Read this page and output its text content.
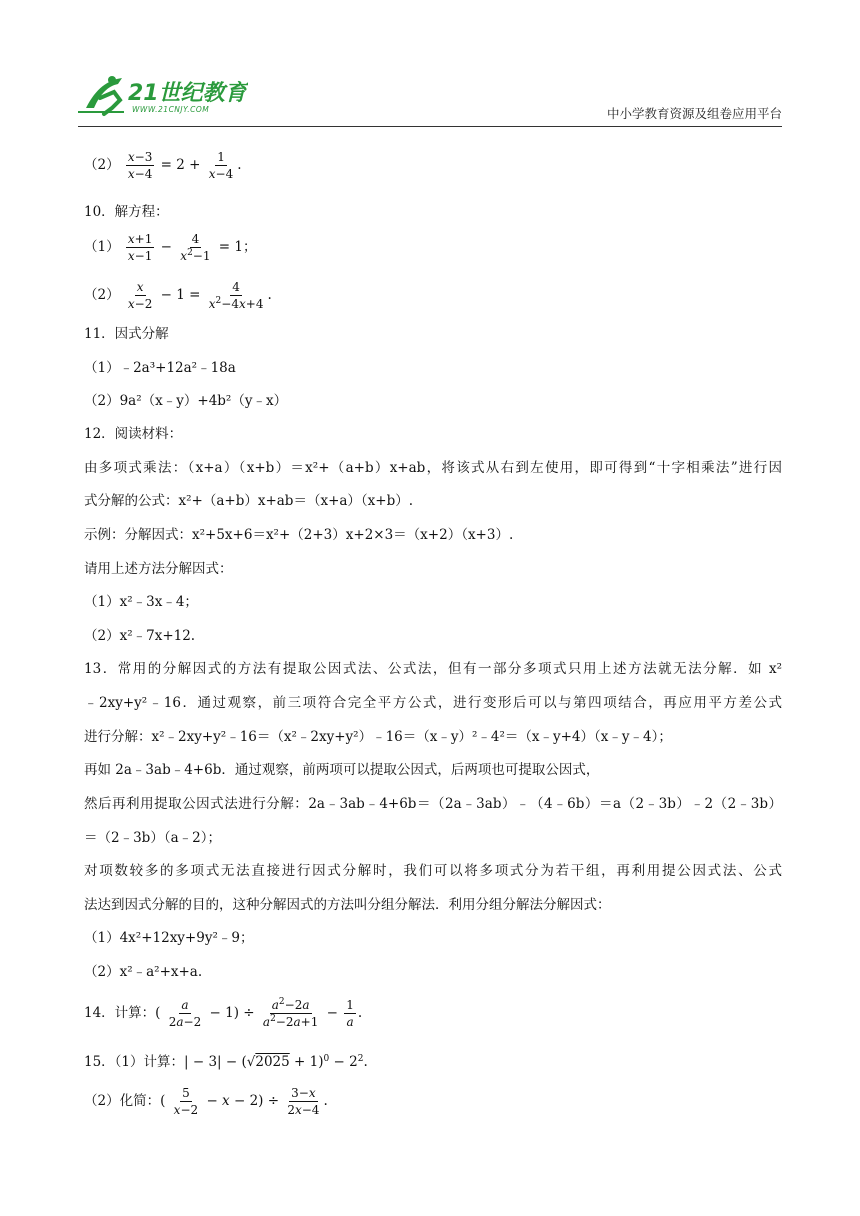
21世纪教育
WWW.21CNJY.COM	中小学教育资源及组卷应用平台
$(2) \frac{x-3}{x-4} = 2 + \frac{1}{x-4}$ .
10．解方程：
$(1) \frac{x+1}{x-1} - \frac{4}{x^2-1} = 1$；
$(2) \frac{x}{x-2} - 1 = \frac{4}{x^2-4x+4}$ .
11．因式分解
（1）﹣2a³+12a²﹣18a
（2）9a²（x﹣y）+4b²（y﹣x）
12．阅读材料：
由多项式乘法：（x+a）（x+b）＝x²+（a+b）x+ab，将该式从右到左使用，即可得到“十字相乘法”进行因
式分解的公式：x²+（a+b）x+ab＝（x+a）（x+b）.
示例：分解因式：x²+5x+6＝x²+（2+3）x+2×3＝（x+2）（x+3）.
请用上述方法分解因式：
（1）x²﹣3x﹣4；
（2）x²﹣7x+12.
13．常用的分解因式的方法有提取公因式法、公式法，但有一部分多项式只用上述方法就无法分解．如 x²
﹣2xy+y²﹣16．通过观察，前三项符合完全平方公式，进行变形后可以与第四项结合，再应用平方差公式
进行分解：x²﹣2xy+y²﹣16＝（x²﹣2xy+y²）﹣16＝（x﹣y）²﹣4²＝（x﹣y+4）（x﹣y﹣4）；
再如 2a﹣3ab﹣4+6b．通过观察，前两项可以提取公因式，后两项也可提取公因式，
然后再利用提取公因式法进行分解：2a﹣3ab﹣4+6b＝（2a﹣3ab）﹣（4﹣6b）＝a（2﹣3b）﹣2（2﹣3b）
＝（2﹣3b）（a﹣2）；
对项数较多的多项式无法直接进行因式分解时，我们可以将多项式分为若干组，再利用提公因式法、公式
法达到因式分解的目的，这种分解因式的方法叫分组分解法．利用分组分解法分解因式：
（1）4x²+12xy+9y²﹣9；
（2）x²﹣a²+x+a.
14．计算：( $\frac{a}{2a-2} - 1) \div \frac{a^2-2a}{a^2-2a+1} - \frac{1}{a}$ .
15．（1）计算：| − $3| - (√2025 + 1)^0 - 2^2$.
（2）化简：( $\frac{5}{x-2} - x - 2) \div \frac{3-x}{2x-4}$ .
